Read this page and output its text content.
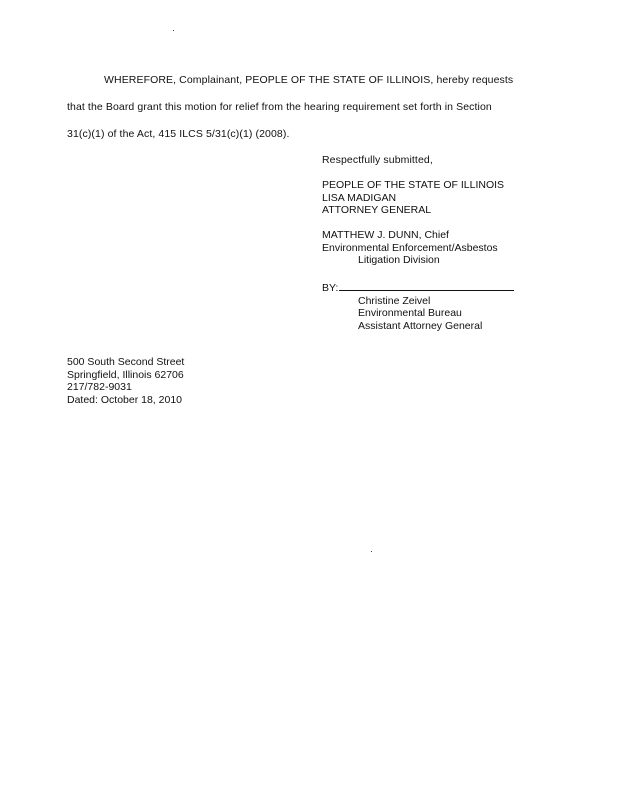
WHEREFORE, Complainant, PEOPLE OF THE STATE OF ILLINOIS, hereby requests
that the Board grant this motion for relief from the hearing requirement set forth in Section
31(c)(1) of the Act, 415 ILCS 5/31(c)(1) (2008).
Respectfully submitted,
PEOPLE OF THE STATE OF ILLINOIS
LISA MADIGAN
ATTORNEY GENERAL
MATTHEW J. DUNN, Chief
Environmental Enforcement/Asbestos
Litigation Division
BY:
Christine Zeivel
Environmental Bureau
Assistant Attorney General
500 South Second Street
Springfield, Illinois 62706
217/782-9031
Dated: October 18, 2010
